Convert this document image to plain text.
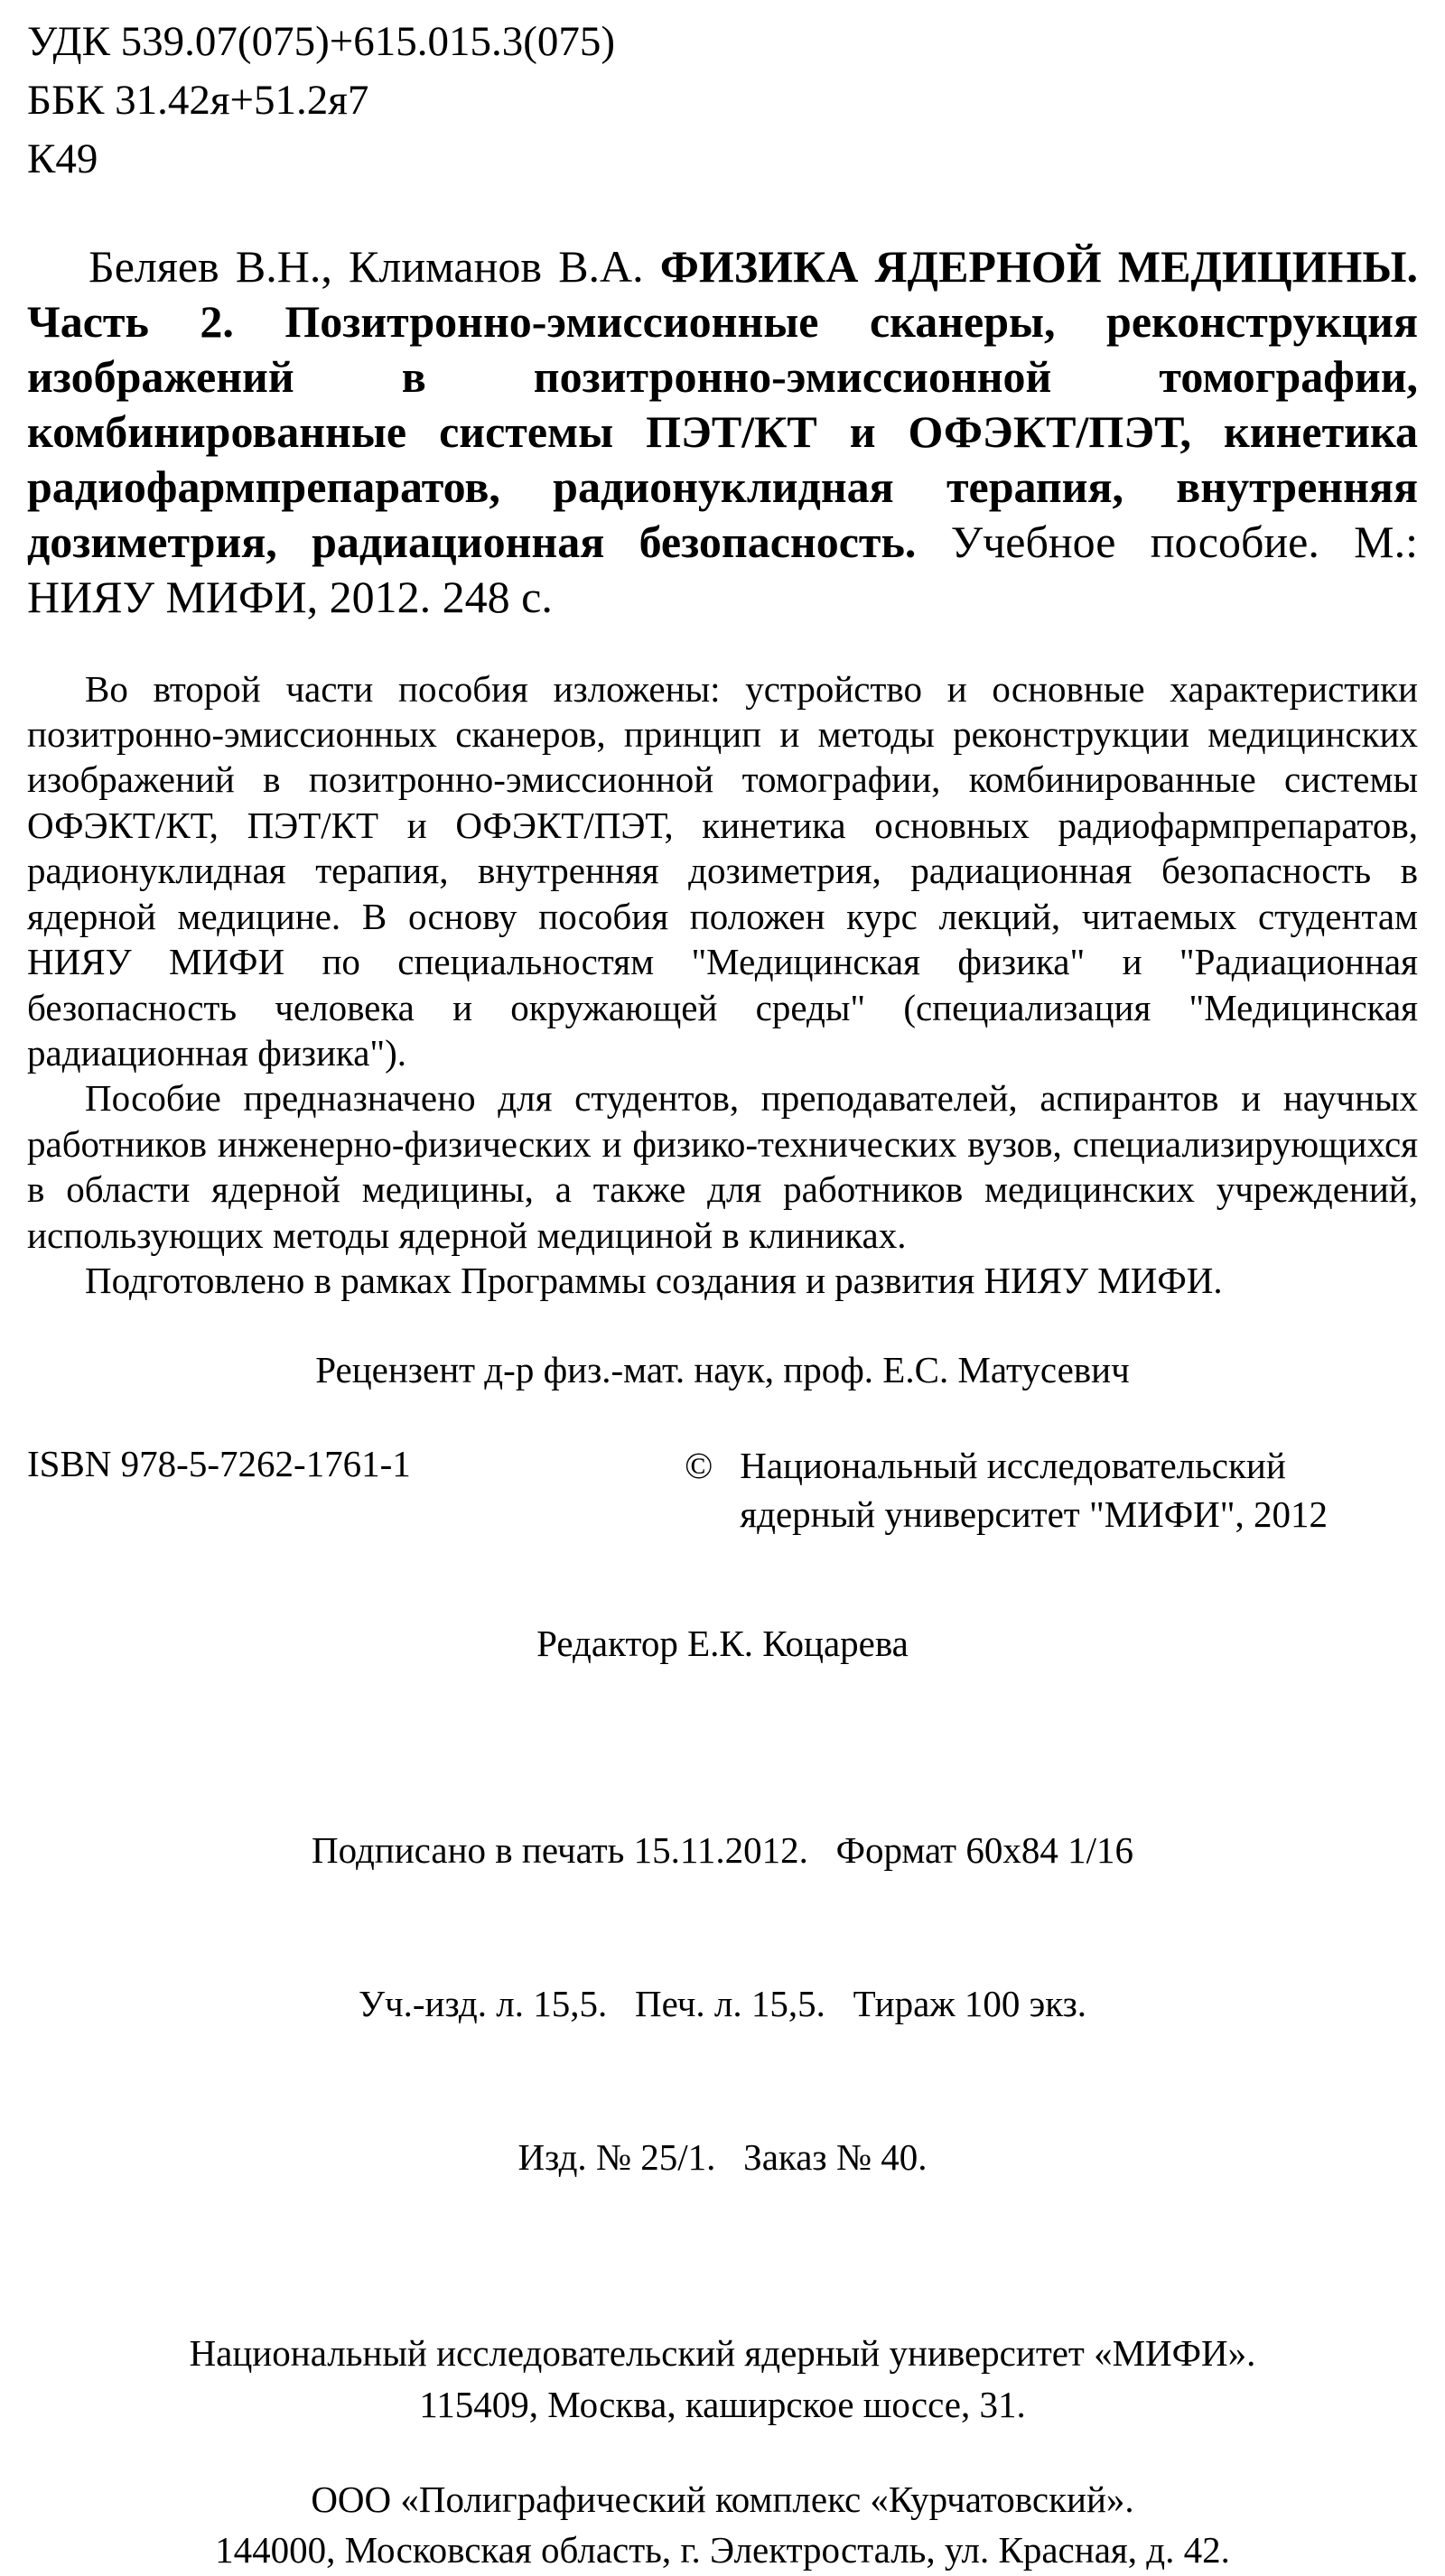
УДК 539.07(075)+615.015.3(075)
ББК 31.42я+51.2я7
К49

Беляев В.Н., Климанов В.А. ФИЗИКА ЯДЕРНОЙ МЕДИЦИНЫ. Часть 2. Позитронно-эмиссионные сканеры, реконструкция изображений в позитронно-эмиссионной томографии, комбинированные системы ПЭТ/КТ и ОФЭКТ/ПЭТ, кинетика радиофармпрепаратов, радионуклидная терапия, внутренняя дозиметрия, радиационная безопасность. Учебное пособие. М.: НИЯУ МИФИ, 2012. 248 с.

Во второй части пособия изложены: устройство и основные характеристики позитронно-эмиссионных сканеров, принцип и методы реконструкции медицинских изображений в позитронно-эмиссионной томографии, комбинированные системы ОФЭКТ/КТ, ПЭТ/КТ и ОФЭКТ/ПЭТ, кинетика основных радиофармпрепаратов, радионуклидная терапия, внутренняя дозиметрия, радиационная безопасность в ядерной медицине. В основу пособия положен курс лекций, читаемых студентам НИЯУ МИФИ по специальностям "Медицинская физика" и "Радиационная безопасность человека и окружающей среды" (специализация "Медицинская радиационная физика").

Пособие предназначено для студентов, преподавателей, аспирантов и научных работников инженерно-физических и физико-технических вузов, специализирующихся в области ядерной медицины, а также для работников медицинских учреждений, использующих методы ядерной медициной в клиниках.

Подготовлено в рамках Программы создания и развития НИЯУ МИФИ.

Рецензент д-р физ.-мат. наук, проф. Е.С. Матусевич

ISBN 978-5-7262-1761-1	© Национальный исследовательский
ядерный университет "МИФИ", 2012

Редактор Е.К. Коцарева

Подписано в печать 15.11.2012.   Формат 60х84 1/16

Уч.-изд. л. 15,5.   Печ. л. 15,5.   Тираж 100 экз.

Изд. № 25/1.   Заказ № 40.

Национальный исследовательский ядерный университет «МИФИ».
115409, Москва, каширское шоссе, 31.
ООО «Полиграфический комплекс «Курчатовский».
144000, Московская область, г. Электросталь, ул. Красная, д. 42.
